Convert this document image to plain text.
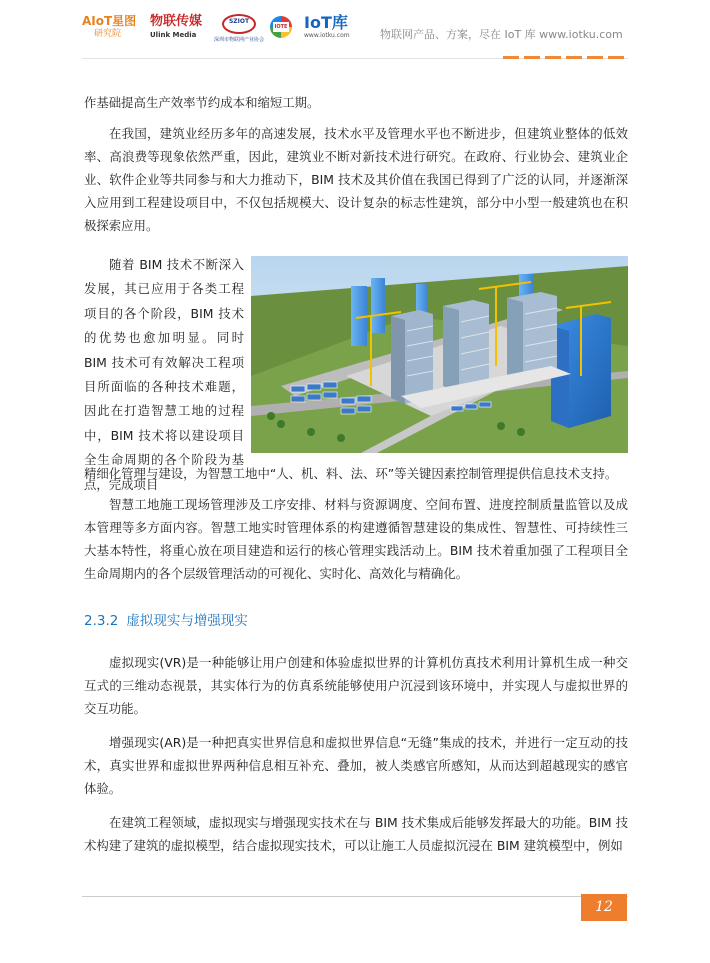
AIoT星图
研究院
物联传媒
Ulink Media
SZIOT
深圳市物联网产业协会
IOTE IoT库
www.iotku.com	物联网产品、方案，尽在 IoT 库 www.iotku.com

作基础提高生产效率节约成本和缩短工期。

在我国，建筑业经历多年的高速发展，技术水平及管理水平也不断进步，但建筑业整体的低效率、高浪费等现象依然严重，因此，建筑业不断对新技术进行研究。在政府、行业协会、建筑业企业、软件企业等共同参与和大力推动下，BIM 技术及其价值在我国已得到了广泛的认同，并逐渐深入应用到工程建设项目中，不仅包括规模大、设计复杂的标志性建筑，部分中小型一般建筑也在积极探索应用。

随着 BIM 技术不断深入发展，其已应用于各类工程项目的各个阶段，BIM 技术的优势也愈加明显。同时 BIM 技术可有效解决工程项目所面临的各种技术难题，因此在打造智慧工地的过程中，BIM 技术将以建设项目全生命周期的各个阶段为基点，完成项目

精细化管理与建设，为智慧工地中“人、机、料、法、环”等关键因素控制管理提供信息技术支持。

智慧工地施工现场管理涉及工序安排、材料与资源调度、空间布置、进度控制质量监管以及成本管理等多方面内容。智慧工地实时管理体系的构建遵循智慧建设的集成性、智慧性、可持续性三大基本特性，将重心放在项目建造和运行的核心管理实践活动上。BIM 技术着重加强了工程项目全生命周期内的各个层级管理活动的可视化、实时化、高效化与精确化。

2.3.2 虚拟现实与增强现实

虚拟现实(VR)是一种能够让用户创建和体验虚拟世界的计算机仿真技术利用计算机生成一种交互式的三维动态视景，其实体行为的仿真系统能够使用户沉浸到该环境中，并实现人与虚拟世界的交互功能。

增强现实(AR)是一种把真实世界信息和虚拟世界信息“无缝”集成的技术，并进行一定互动的技术，真实世界和虚拟世界两种信息相互补充、叠加，被人类感官所感知，从而达到超越现实的感官体验。

在建筑工程领域，虚拟现实与增强现实技术在与 BIM 技术集成后能够发挥最大的功能。BIM 技术构建了建筑的虚拟模型，结合虚拟现实技术，可以让施工人员虚拟沉浸在 BIM 建筑模型中，例如

12
